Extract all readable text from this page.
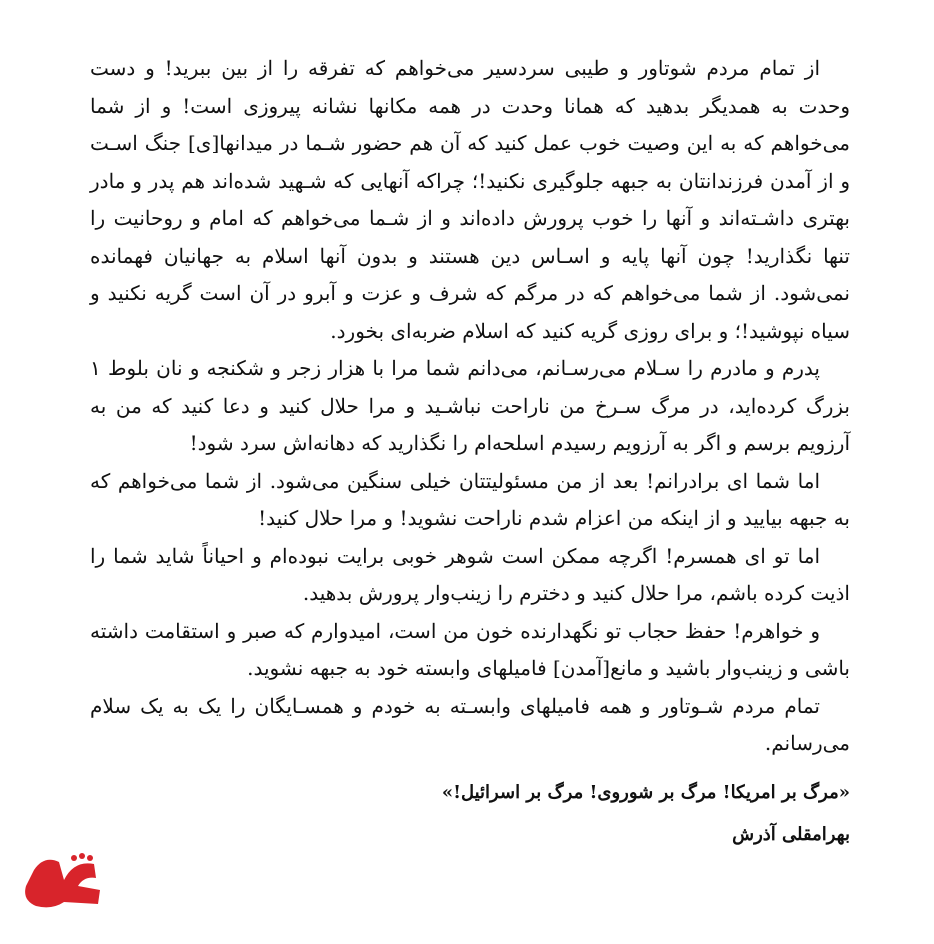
از تمام مردم شوتاور و طیبی سردسیر می‌خواهم که تفرقه را از بین ببرید! و دست وحدت به همدیگر بدهید که همانا وحدت در همه مکانها نشانه پیروزی است! و از شما می‌خواهم که به این وصیت خوب عمل کنید که آن هم حضور شـما در میدانها[ی] جنگ اسـت و از آمدن فرزندانتان به جبهه جلوگیری نکنید!؛ چراکه آنهایی که شـهید شده‌اند هم پدر و مادر بهتری داشـته‌اند و آنها را خوب پرورش داده‌اند و از شـما می‌خواهم که امام و روحانیت را تنها نگذارید! چون آنها پایه و اسـاس دین هستند و بدون آنها اسلام به جهانیان فهمانده نمی‌شود. از شما می‌خواهم که در مرگم که شرف و عزت و آبرو در آن است گریه نکنید و سیاه نپوشید!؛ و برای روزی گریه کنید که اسلام ضربه‌ای بخورد.

پدرم و مادرم را سـلام می‌رسـانم، می‌دانم شما مرا با هزار زجر و شکنجه و نان بلوط ۱ بزرگ کرده‌اید، در مرگ سـرخ من ناراحت نباشـید و مرا حلال کنید و دعا کنید که من به آرزویم برسم و اگر به آرزویم رسیدم اسلحه‌ام را نگذارید که دهانه‌اش سرد شود!

اما شما ای برادرانم! بعد از من مسئولیتتان خیلی سنگین می‌شود. از شما می‌خواهم که به جبهه بیایید و از اینکه من اعزام شدم ناراحت نشوید! و مرا حلال کنید!

اما تو ای همسرم! اگرچه ممکن است شوهر خوبی برایت نبوده‌ام و احیاناً شاید شما را اذیت کرده باشم، مرا حلال کنید و دخترم را زینب‌وار پرورش بدهید.

و خواهرم! حفظ حجاب تو نگهدارنده خون من است، امیدوارم که صبر و استقامت داشته باشی و زینب‌وار باشید و مانع[آمدن] فامیلهای وابسته خود به جبهه نشوید.

تمام مردم شـوتاور و همه فامیلهای وابسـته به خودم و همسـایگان را یک به یک سلام می‌رسانم.

«مرگ بر امریکا! مرگ بر شوروی! مرگ بر اسرائیل!»

بهرامقلی آذرش
